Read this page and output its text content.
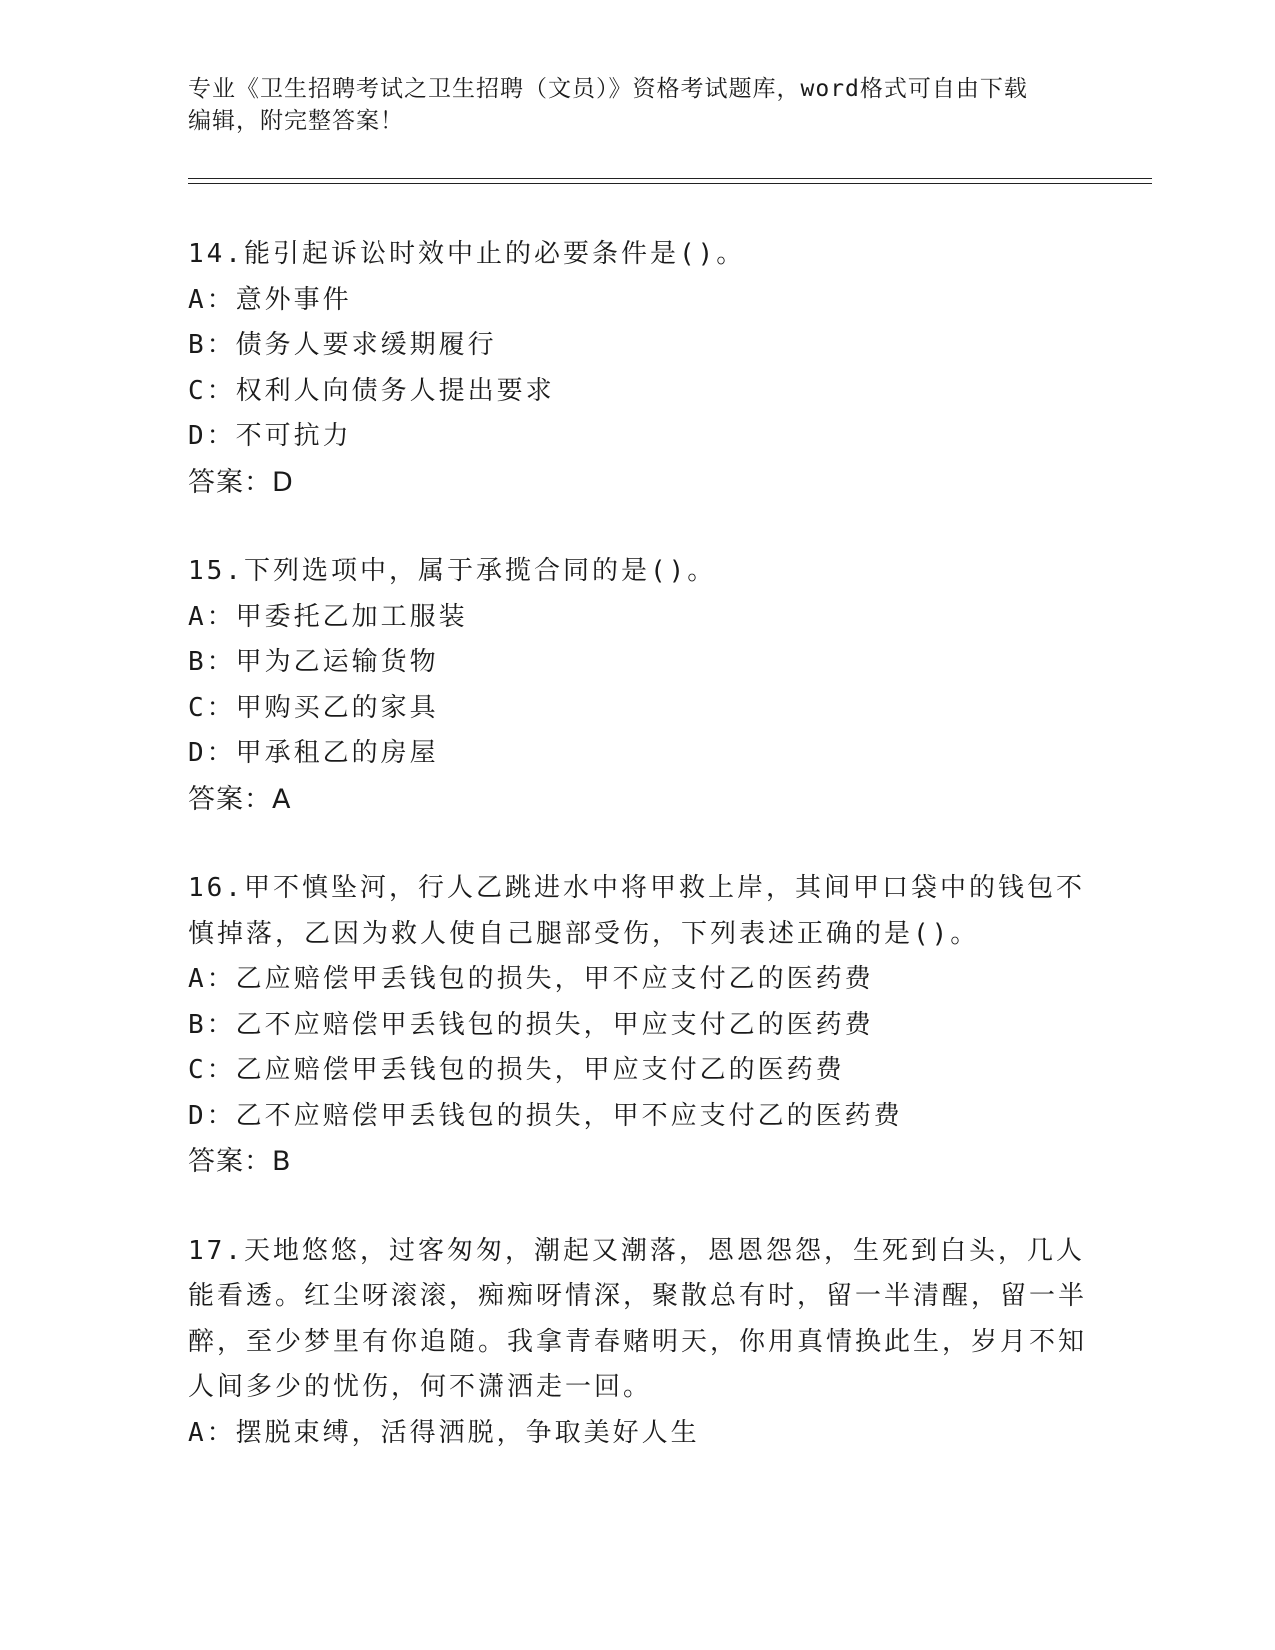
专业《卫生招聘考试之卫生招聘（文员）》资格考试题库，word格式可自由下载
编辑，附完整答案！
14.能引起诉讼时效中止的必要条件是()。
A：意外事件
B：债务人要求缓期履行
C：权利人向债务人提出要求
D：不可抗力
答案：D
15.下列选项中，属于承揽合同的是()。
A：甲委托乙加工服装
B：甲为乙运输货物
C：甲购买乙的家具
D：甲承租乙的房屋
答案：A
16.甲不慎坠河，行人乙跳进水中将甲救上岸，其间甲口袋中的钱包不慎掉落，乙因为救人使自己腿部受伤，下列表述正确的是()。
A：乙应赔偿甲丢钱包的损失，甲不应支付乙的医药费
B：乙不应赔偿甲丢钱包的损失，甲应支付乙的医药费
C：乙应赔偿甲丢钱包的损失，甲应支付乙的医药费
D：乙不应赔偿甲丢钱包的损失，甲不应支付乙的医药费
答案：B
17.天地悠悠，过客匆匆，潮起又潮落，恩恩怨怨，生死到白头，几人能看透。红尘呀滚滚，痴痴呀情深，聚散总有时，留一半清醒，留一半醉，至少梦里有你追随。我拿青春赌明天，你用真情换此生，岁月不知人间多少的忧伤，何不潇洒走一回。
A：摆脱束缚，活得洒脱，争取美好人生
